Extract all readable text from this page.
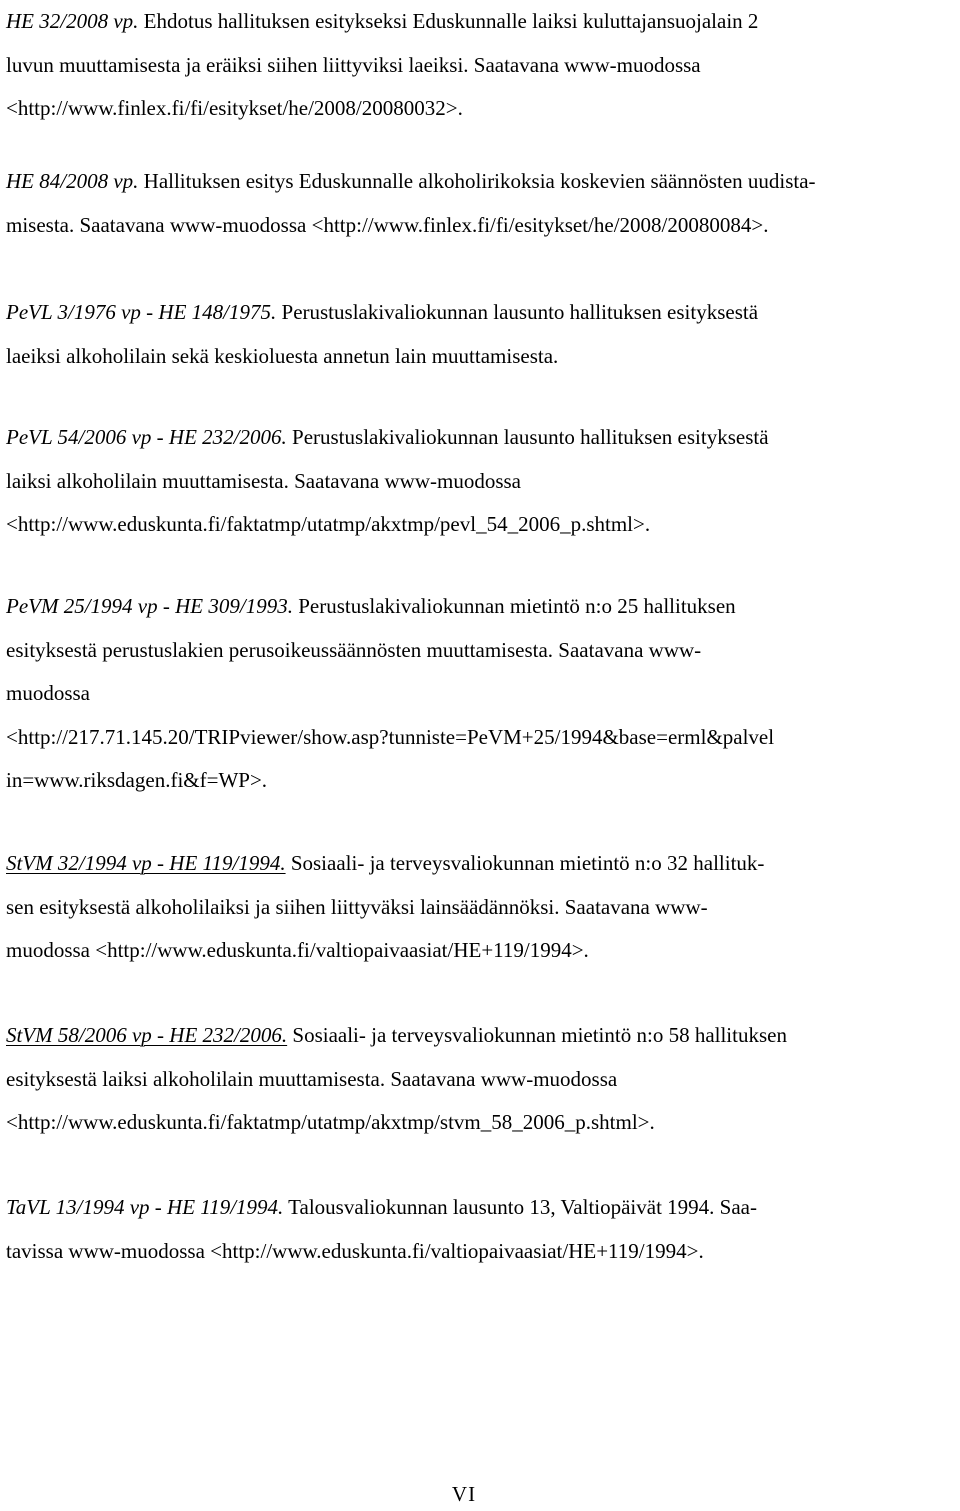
HE 32/2008 vp. Ehdotus hallituksen esitykseksi Eduskunnalle laiksi kuluttajansuojalain 2
luvun muuttamisesta ja eräiksi siihen liittyviksi laeiksi. Saatavana www-muodossa
<http://www.finlex.fi/fi/esitykset/he/2008/20080032>.

HE 84/2008 vp. Hallituksen esitys Eduskunnalle alkoholirikoksia koskevien säännösten uudista-
misesta. Saatavana www-muodossa <http://www.finlex.fi/fi/esitykset/he/2008/20080084>.

PeVL 3/1976 vp - HE 148/1975. Perustuslakivaliokunnan lausunto hallituksen esityksestä
laeiksi alkoholilain sekä keskioluesta annetun lain muuttamisesta.

PeVL 54/2006 vp - HE 232/2006. Perustuslakivaliokunnan lausunto hallituksen esityksestä
laiksi alkoholilain muuttamisesta. Saatavana www-muodossa
<http://www.eduskunta.fi/faktatmp/utatmp/akxtmp/pevl_54_2006_p.shtml>.

PeVM 25/1994 vp - HE 309/1993. Perustuslakivaliokunnan mietintö n:o 25 hallituksen
esityksestä perustuslakien perusoikeussäännösten muuttamisesta. Saatavana www-
muodossa
<http://217.71.145.20/TRIPviewer/show.asp?tunniste=PeVM+25/1994&base=erml&palvel
in=www.riksdagen.fi&f=WP>.

StVM 32/1994 vp - HE 119/1994. Sosiaali- ja terveysvaliokunnan mietintö n:o 32 hallituk-
sen esityksestä alkoholilaiksi ja siihen liittyväksi lainsäädännöksi. Saatavana www-
muodossa <http://www.eduskunta.fi/valtiopaivaasiat/HE+119/1994>.

StVM 58/2006 vp - HE 232/2006. Sosiaali- ja terveysvaliokunnan mietintö n:o 58 hallituksen
esityksestä laiksi alkoholilain muuttamisesta. Saatavana www-muodossa
<http://www.eduskunta.fi/faktatmp/utatmp/akxtmp/stvm_58_2006_p.shtml>.

TaVL 13/1994 vp - HE 119/1994. Talousvaliokunnan lausunto 13, Valtiopäivät 1994. Saa-
tavissa www-muodossa <http://www.eduskunta.fi/valtiopaivaasiat/HE+119/1994>.

VI
